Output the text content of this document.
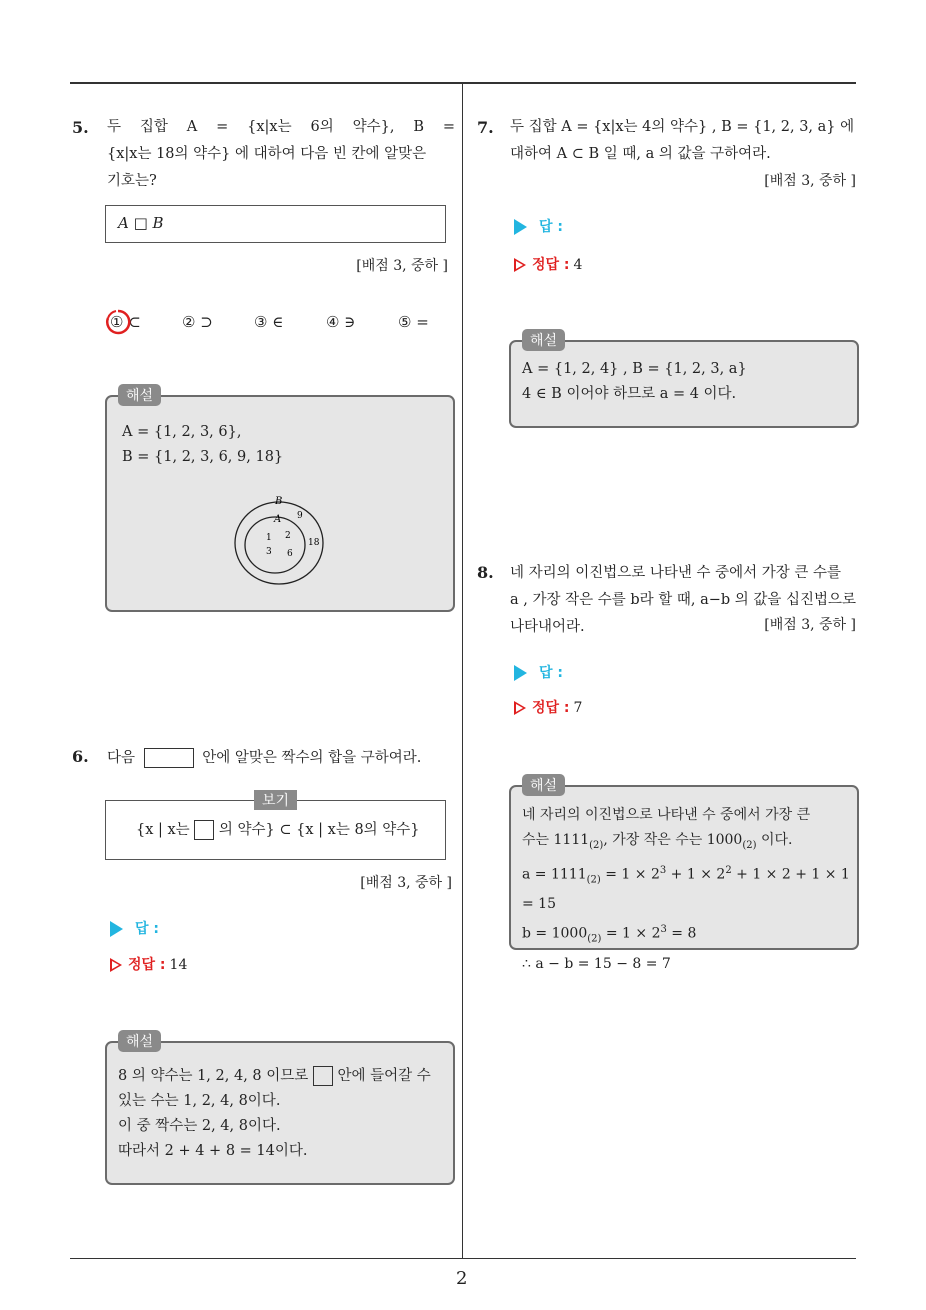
2
5. 두 집합 A = {x|x는 6의 약수}, B =
{x|x는 18의 약수} 에 대하여 다음 빈 칸에 알맞은
기호는?
A □ B
[배점 3, 중하 ]
① ⊂	② ⊃	③ ∈	④ ∋	⑤ =
해설
A = {1, 2, 3, 6},
B = {1, 2, 3, 6, 9, 18}
B
A
1 2
3 6
9
18
6. 다음	안에 알맞은 짝수의 합을 구하여라.
보기
{x | x는 의 약수} ⊂ {x | x는 8의 약수}
[배점 3, 중하 ]
답 :
정답 : 14
해설
8 의 약수는 1, 2, 4, 8 이므로 안에 들어갈 수
있는 수는 1, 2, 4, 8이다.
이 중 짝수는 2, 4, 8이다.
따라서 2 + 4 + 8 = 14이다.
7. 두 집합 A = {x|x는 4의 약수} , B = {1, 2, 3, a} 에
대하여 A ⊂ B 일 때, a 의 값을 구하여라.
[배점 3, 중하 ]
답 :
정답 : 4
해설
A = {1, 2, 4} , B = {1, 2, 3, a}
4 ∈ B 이어야 하므로 a = 4 이다.
8. 네 자리의 이진법으로 나타낸 수 중에서 가장 큰 수를
a , 가장 작은 수를 b라 할 때, a−b 의 값을 십진법으로
나타내어라.	[배점 3, 중하 ]
답 :
정답 : 7
해설
네 자리의 이진법으로 나타낸 수 중에서 가장 큰
수는 $1111_{(2)}$, 가장 작은 수는 $1000_{(2)}$ 이다.
$a = 1111_{(2)} = 1 \times 2^3 + 1 \times 2^2 + 1 \times 2 + 1 \times 1 = 15$
$b = 1000_{(2)} = 1 \times 2^3 = 8$
∴ a − b = 15 − 8 = 7
